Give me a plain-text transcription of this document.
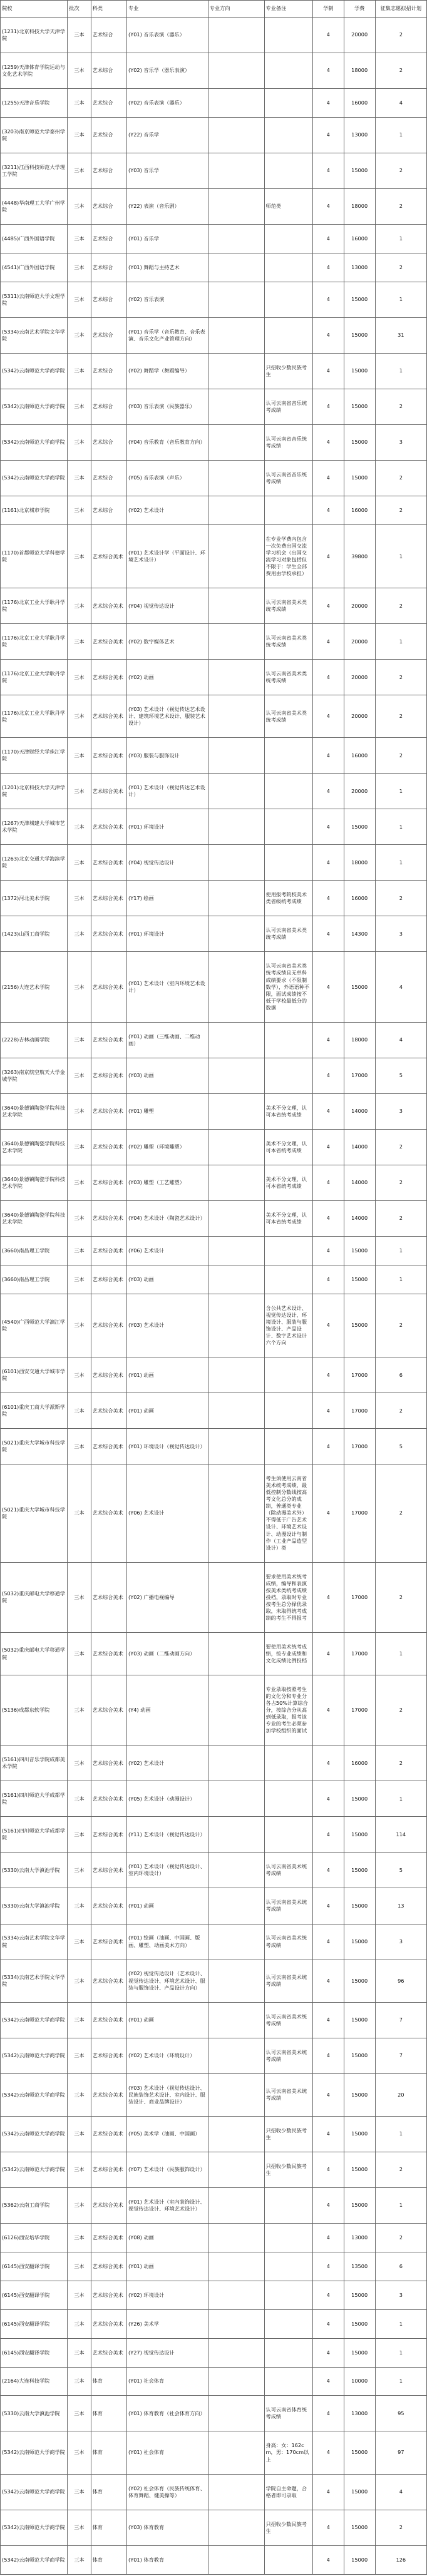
院校	批次	科类	专业	专业方向	专业备注	学制	学费	征集志愿拟招计划
(1231)北京科技大学天津学院	三本	艺术综合	(Y01) 音乐表演（器乐）			4	20000	2
(1259)天津体育学院运动与文化艺术学院	三本	艺术综合	(Y02) 音乐学（器乐表演）			4	18000	2
(1255)天津音乐学院	三本	艺术综合	(Y02) 音乐表演（器乐）			4	16000	4
(3203)南京师范大学泰州学院	三本	艺术综合	(Y22) 音乐学			4	13000	1
(3211)江西科技师范大学理工学院	三本	艺术综合	(Y03) 音乐学			4	15000	2
(4448)华南理工大学广州学院	三本	艺术综合	(Y22) 表演（音乐剧）		师范类	4	18000	2
(4485)广西外国语学院	三本	艺术综合	(Y01) 音乐学			4	16000	1
(4541)广西外国语学院	三本	艺术综合	(Y01) 舞蹈与主持艺术			4	13000	2
(5311)云南师范大学文理学院	三本	艺术综合	(Y02) 音乐表演			4	15000	1
(5334)云南艺术学院文华学院	三本	艺术综合	(Y01) 音乐学（音乐教育、音乐表演、音乐文化产业管理方向）			4	15000	31
(5342)云南师范大学商学院	三本	艺术综合	(Y02) 舞蹈学（舞蹈编导）		只招收少数民族考生	4	15000	1
(5342)云南师范大学商学院	三本	艺术综合	(Y03) 音乐表演（民族器乐）		认可云南省音乐统考成绩	4	15000	2
(5342)云南师范大学商学院	三本	艺术综合	(Y04) 音乐教育（音乐教育方向）		认可云南省音乐统考成绩	4	15000	3
(5342)云南师范大学商学院	三本	艺术综合	(Y05) 音乐表演（声乐）		认可云南省音乐统考成绩	4	15000	2
(1161)北京城市学院	三本	艺术综合	(Y02) 艺术设计			4	16000	2
(1170)首都师范大学科德学院	三本	艺术综合美术	(Y01) 艺术设计学（平面设计、环境艺术设计）		在专业学费内包含一次免费出国交流学习机会（出国交流学习对象包括但不限于：学生全部费用由学校承担）	4	39800	1
(1176)北京工业大学耿丹学院	三本	艺术综合美术	(Y04) 视觉传达设计		认可云南省美术类统考成绩	4	20000	2
(1176)北京工业大学耿丹学院	三本	艺术综合美术	(Y02) 数字媒体艺术		认可云南省美术类统考成绩	4	20000	1
(1176)北京工业大学耿丹学院	三本	艺术综合美术	(Y02) 动画		认可云南省美术类统考成绩	4	20000	2
(1176)北京工业大学耿丹学院	三本	艺术综合美术	(Y03) 艺术设计（视觉传达艺术设计、建筑环境艺术设计、服装艺术设计）		认可云南省美术类统考成绩	4	20000	2
(1170)天津财经大学珠江学院	三本	艺术综合美术	(Y03) 服装与服饰设计			4	16000	2
(1201)北京科技大学天津学院	三本	艺术综合美术	(Y01) 艺术设计（视觉传达艺术设计）			4	20000	1
(1267)天津城建大学城市艺术学院	三本	艺术综合美术	(Y01) 环境设计			4	15000	1
(1263)北京交通大学海滨学院	三本	艺术综合美术	(Y04) 视觉传达设计			4	18000	1
(1372)河北美术学院	三本	艺术综合美术	(Y17) 绘画		使用报考院校美术类省级统考成绩	4	16000	2
(1423)山西工商学院	三本	艺术综合美术	(Y01) 环境设计		认可云南省美术类统考成绩	4	14300	3
(2156)大连艺术学院	三本	艺术综合美术	(Y01) 艺术设计（室内环境艺术设计）		认可云南省美术类统考成绩且无单科成绩要求（不限制数学），外语语种不限，面试成绩按不低于学校最低分的数据	4	15000	4
(2228)吉林动画学院	三本	艺术综合美术	(Y01) 动画（三维动画、二维动画）			4	18000	4
(3263)南京航空航天大学金城学院	三本	艺术综合美术	(Y03) 动画			4	17000	5
(3640)景德镇陶瓷学院科技艺术学院	三本	艺术综合美术	(Y01) 雕塑		美术不分文理，认可本省统考成绩	4	14000	3
(3640)景德镇陶瓷学院科技艺术学院	三本	艺术综合美术	(Y02) 雕塑（环境雕塑）		美术不分文理，认可本省统考成绩	4	14000	2
(3640)景德镇陶瓷学院科技艺术学院	三本	艺术综合美术	(Y03) 雕塑（工艺雕塑）		美术不分文理，认可本省统考成绩	4	14000	2
(3640)景德镇陶瓷学院科技艺术学院	三本	艺术综合美术	(Y04) 艺术设计（陶瓷艺术设计）		美术不分文理，认可本省统考成绩	4	14000	2
(3660)南昌理工学院	三本	艺术综合美术	(Y06) 艺术设计			4	15000	1
(3660)南昌理工学院	三本	艺术综合美术	(Y03) 动画			4	15000	1
(4540)广西师范大学漓江学院	三本	艺术综合美术	(Y03) 艺术设计		含公共艺术设计、视觉传达设计、环境设计、服装与服饰设计、产品设计、数字艺术设计六个方向	4	15000	2
(6101)西安交通大学城市学院	三本	艺术综合美术	(Y01) 动画			4	17000	6
(6101)重庆工商大学派斯学院	三本	艺术综合美术	(Y01) 动画			4	17000	2
(5021)重庆大学城市科技学院	三本	艺术综合美术	(Y01) 环境设计（视觉传达设计）			4	17000	5
(5021)重庆大学城市科技学院	三本	艺术综合美术	(Y06) 艺术设计		考生須使用云南省美术统考成绩，最低控制分数线按高考文化总分的成绩，普通类专业（除动漫美术外）不得低于广告艺术设计、环境艺术设计、动漫设计与制作（工业产品造型设计）类	4	17000	2
(5032)重庆邮电大学移通学院	三本	艺术综合美术	(Y02) 广播电视编导		要求使用美术统考成绩，编导和表演按美术类统考成绩投档，录取时专业按考生总分择优录取，未取得统考成绩的考生不得报考	4	17000	2
(5032)重庆邮电大学移通学院	三本	艺术综合美术	(Y03) 动画（二维动画方向）		要使用美术统考成绩，按专业成绩和文化成绩比例投档	4	17000	1
(5136)成都东软学院	三本	艺术综合美术	(Y4) 动画		专业录取按照考生的文化分和专业分各占50%计算综合分，按综合分从高到低录取，报考该专业的考生必须参加学校组织的面试	4	17000	2
(5161)四川音乐学院成都美术学院	三本	艺术综合美术	(Y02) 艺术设计			4	16000	2
(5161)四川师范大学成都学院	三本	艺术综合美术	(Y05) 艺术设计（动漫设计）			4	15000	1
(5161)四川师范大学成都学院	三本	艺术综合美术	(Y11) 艺术设计（视觉传达设计）			4	15000	114
(5330)云南大学滇池学院	三本	艺术综合美术	(Y01) 艺术设计（视觉传达设计、室内环境设计）		认可云南省美术统考成绩	4	15000	5
(5330)云南大学滇池学院	三本	艺术综合美术	(Y01) 动画		认可云南省美术统考成绩	4	15000	13
(5334)云南艺术学院文华学院	三本	艺术综合美术	(Y01) 绘画（油画、中国画、版画、雕塑、动画美术方向）		认可云南省美术统考成绩	4	15000	3
(5334)云南艺术学院文华学院	三本	艺术综合美术	(Y02) 视觉传达设计（艺术设计、视觉传达设计、环境艺术设计、服装与服饰设计、产品设计方向）		认可云南省美术统考成绩	4	15000	96
(5342)云南师范大学商学院	三本	艺术综合美术	(Y01) 动画		认可云南省美术统考成绩	4	15000	7
(5342)云南师范大学商学院	三本	艺术综合美术	(Y02) 艺术设计（环境设计）		认可云南省美术统考成绩	4	15000	7
(5342)云南师范大学商学院	三本	艺术综合美术	(Y03) 艺术设计（视觉传达设计、民族装饰艺术设计、室内设计、服装设计、商业品牌设计）		认可云南省美术统考成绩	4	15000	20
(5342)云南师范大学商学院	三本	艺术综合美术	(Y05) 美术学（油画、中国画）		只招收少数民族考生	4	15000	1
(5342)云南师范大学商学院	三本	艺术综合美术	(Y07) 艺术设计（民族服饰设计）		只招收少数民族考生	4	15000	2
(5362)云南工商学院	三本	艺术综合美术	(Y01) 艺术设计（室内装饰设计、视觉传达设计、环境艺术设计）			4	15000	1
(6126)西安培华学院	三本	艺术综合美术	(Y08) 动画			4	13000	2
(6145)西安翻译学院	三本	艺术综合美术	(Y01) 动画			4	13500	6
(6145)西安翻译学院	三本	艺术综合美术	(Y02) 环境设计			4	15000	3
(6145)西安翻译学院	三本	艺术综合美术	(Y26) 美术学			4	15000	1
(6145)西安翻译学院	三本	艺术综合美术	(Y27) 视觉传达设计			4	15000	1
(2164)大连科技学院	三本	体育	(Y01) 社会体育			4	10000	1
(5330)云南大学滇池学院	三本	体育	(Y01) 体育教育（社会体育方向）		认可云南省体育统考成绩	4	13000	95
(5342)云南师范大学商学院	三本	体育	(Y01) 社会体育		身高：女：162cm，男：170cm以上	4	15000	97
(5342)云南师范大学商学院	三本	体育	(Y02) 社会体育（民族传统体育、体育舞蹈、健美操等）		学院自主命题，合格者即可录取	4	15000	4
(5342)云南师范大学商学院	三本	体育	(Y03) 体育教育		只招收少数民族考生	4	15000	2
(5342)云南师范大学商学院	三本	体育	(Y01) 体育教育			4	15000	126
